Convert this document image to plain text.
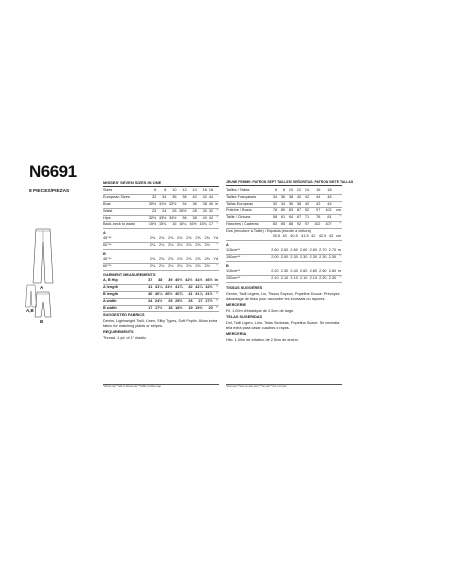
N6691
8 PIECES/PIEZAS
A
A,B
B
MISSES' SEVEN SIZES IN ONE
Sizes	6	8	10	12	14	16	18	
European Sizes	32	34	36	38	40	42	44	
Bust	30½	31½	32½	34	36	38	40	in
Waist	23	24	25	26½	28	30	32	"
Hips	32½	33½	34½	36	38	40	42	"
Back-neck to waist	15½	15¾	16	16¼	16½	16¾	17	"
A
45"**	2⅝	2⅝	2⅝	2⅝	2⅝	2⅝	2⅝	Yd
60"**	2⅛	2⅛	2⅛	2⅛	2⅛	2⅛	2⅛	"
B
45"**	2⅝	2⅝	2⅝	2⅝	2⅝	2⅝	2⅝	Yd
60"**	2⅛	2⅛	2⅛	2⅛	2⅛	2⅛	2⅛	"
GARMENT MEASUREMENTS
A, B Hip	37	38	39	40½	42½	44½	46½	in
A length	41	41¼	41½	41¾	42	42¼	42½	"
B length	40	40¼	40½	40¾	41	41¼	41½	"
A width	24	24½	25	25½	26	27	27½	"
B width	17	17½	18	18½	19	19½	20	"
SUGGESTED FABRICS
Denim, Lightweight Twill, Linen, Silky Types, Soft Poplin. Allow extra fabric for matching plaids or stripes.
REQUIREMENTS
Thread. 1 yd. of 1" elastic.
*without nap **with or without nap ***width of without nap
JEUNE FEMME: PATRON SEPT TAILLES/ SEÑORITAS: PATRON SIETE TALLAS
Tailles / Tallas	6	8	10	12	14	16	18	
Tailles Françaises	34	36	38	40	42	44	46	
Tallas Europeas	32	34	36	38	40	42	44	
Poitrine / Busto	78	80	83	87	92	97	102	cm
Taille / Cintura	58	61	64	67	71	76	81	"
Hanches / Caderas	83	85	88	92	97	102	107	"
Dos (encolure à Taille) / Espalda (escote a cintura)
	39.5	40	40.5	41.5	42	42.5	43	cm
A
115cm**	2.60	2.60	2.60	2.60	2.60	2.70	2.70	m
150cm**	2.00	2.00	2.30	2.30	2.30	2.30	2.30	"
B
115cm**	2.20	2.30	2.40	2.60	2.60	2.60	2.60	m
150cm**	2.10	2.10	2.10	2.10	2.10	2.20	2.30	"
TISSUS SUGGÉRÉS
Denim, Twill Légers, Lin, Tissus Soyeux, Popeline Douce. Prévoyez davantage de tissu pour raccorder les écossais ou rayures.
MERCERIE
Fil. 1.00m d'élastique de 2.5cm de large.
TELAS SUGERIDAS
Dril, Twill Ligero, Lino, Telas Sedosas, Popelina Suave. Se necesita tela extra para casar cuadros o rayas.
MERCERIA
Hilo. 1.00m de elástico de 2.5cm de ancho.
*sans sens **avec ou sans sens ***sin pelo **con o sin pelo
